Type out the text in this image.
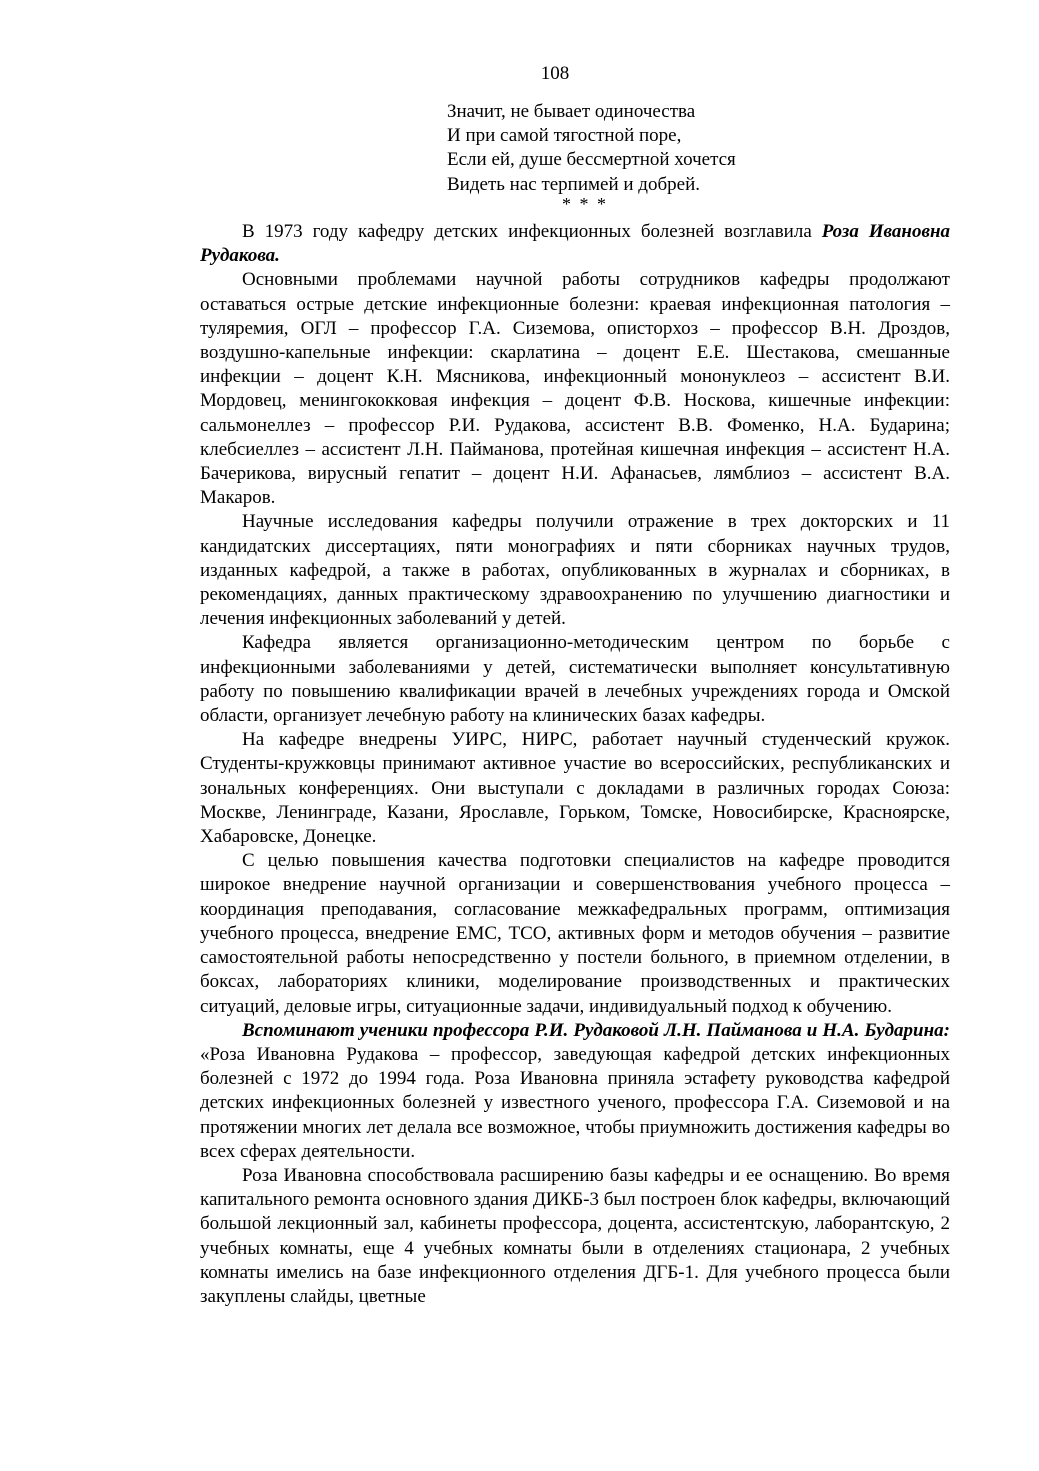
108
Значит, не бывает одиночества
И при самой тягостной поре,
Если ей, душе бессмертной хочется
Видеть нас терпимей и добрей.
* * *

В 1973 году кафедру детских инфекционных болезней возглавила Роза Ивановна Рудакова.

Основными проблемами научной работы сотрудников кафедры продолжают оставаться острые детские инфекционные болезни: краевая инфекционная патология – туляремия, ОГЛ – профессор Г.А. Сиземова, описторхоз – профессор В.Н. Дроздов, воздушно-капельные инфекции: скарлатина – доцент Е.Е. Шестакова, смешанные инфекции – доцент К.Н. Мясникова, инфекционный мононуклеоз – ассистент В.И. Мордовец, менингококковая инфекция – доцент Ф.В. Носкова, кишечные инфекции: сальмонеллез – профессор Р.И. Рудакова, ассистент В.В. Фоменко, Н.А. Бударина; клебсиеллез – ассистент Л.Н. Пайманова, протейная кишечная инфекция – ассистент Н.А. Бачерикова, вирусный гепатит – доцент Н.И. Афанасьев, лямблиоз – ассистент В.А. Макаров.

Научные исследования кафедры получили отражение в трех докторских и 11 кандидатских диссертациях, пяти монографиях и пяти сборниках научных трудов, изданных кафедрой, а также в работах, опубликованных в журналах и сборниках, в рекомендациях, данных практическому здравоохранению по улучшению диагностики и лечения инфекционных заболеваний у детей.

Кафедра является организационно-методическим центром по борьбе с инфекционными заболеваниями у детей, систематически выполняет консультативную работу по повышению квалификации врачей в лечебных учреждениях города и Омской области, организует лечебную работу на клинических базах кафедры.

На кафедре внедрены УИРС, НИРС, работает научный студенческий кружок. Студенты-кружковцы принимают активное участие во всероссийских, республиканских и зональных конференциях. Они выступали с докладами в различных городах Союза: Москве, Ленинграде, Казани, Ярославле, Горьком, Томске, Новосибирске, Красноярске, Хабаровске, Донецке.

С целью повышения качества подготовки специалистов на кафедре проводится широкое внедрение научной организации и совершенствования учебного процесса – координация преподавания, согласование межкафедральных программ, оптимизация учебного процесса, внедрение ЕМС, ТСО, активных форм и методов обучения – развитие самостоятельной работы непосредственно у постели больного, в приемном отделении, в боксах, лабораториях клиники, моделирование производственных и практических ситуаций, деловые игры, ситуационные задачи, индивидуальный подход к обучению.

Вспоминают ученики профессора Р.И. Рудаковой Л.Н. Пайманова и Н.А. Бударина: «Роза Ивановна Рудакова – профессор, заведующая кафедрой детских инфекционных болезней с 1972 до 1994 года. Роза Ивановна приняла эстафету руководства кафедрой детских инфекционных болезней у известного ученого, профессора Г.А. Сиземовой и на протяжении многих лет делала все возможное, чтобы приумножить достижения кафедры во всех сферах деятельности.

Роза Ивановна способствовала расширению базы кафедры и ее оснащению. Во время капитального ремонта основного здания ДИКБ-3 был построен блок кафедры, включающий большой лекционный зал, кабинеты профессора, доцента, ассистентскую, лаборантскую, 2 учебных комнаты, еще 4 учебных комнаты были в отделениях стационара, 2 учебных комнаты имелись на базе инфекционного отделения ДГБ-1. Для учебного процесса были закуплены слайды, цветные
